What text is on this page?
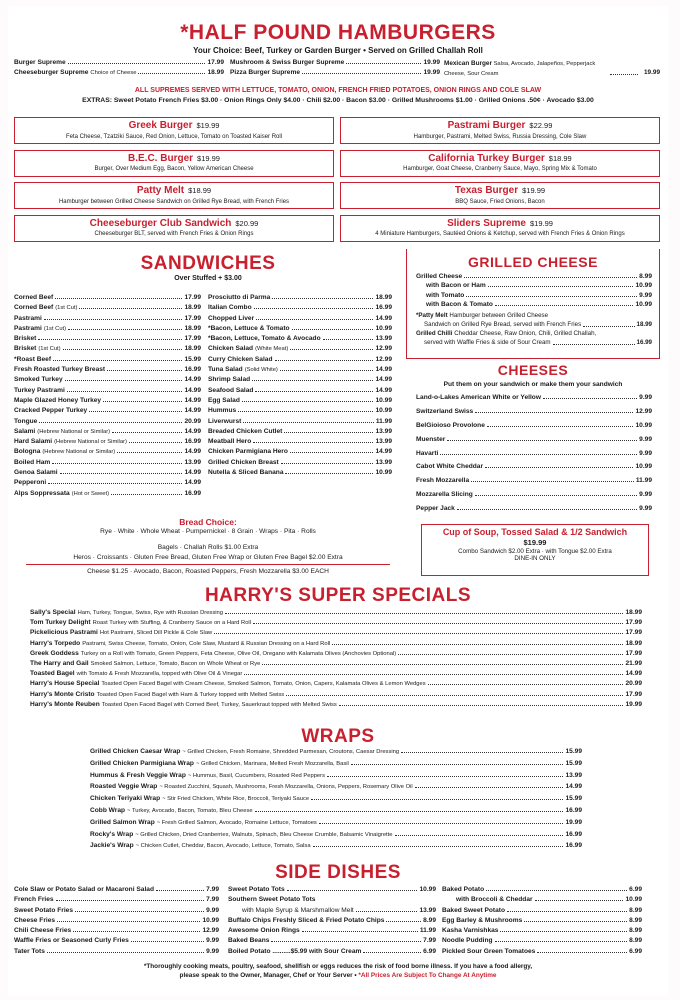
*HALF POUND HAMBURGERS
Your Choice: Beef, Turkey or Garden Burger • Served on Grilled Challah Roll
Burger Supreme	17.99
Cheeseburger Supreme Choice of Cheese	18.99
Mushroom & Swiss Burger Supreme	19.99
Pizza Burger Supreme	19.99
Mexican Burger Salsa, Avocado, Jalapeños, Pepperjack Cheese, Sour Cream	19.99
ALL SUPREMES SERVED WITH LETTUCE, TOMATO, ONION, FRENCH FRIED POTATOES, ONION RINGS AND COLE SLAW
EXTRAS: Sweet Potato French Fries $3.00 · Onion Rings Only $4.00 · Chili $2.00 · Bacon $3.00 · Grilled Mushrooms $1.00 · Grilled Onions .50¢ · Avocado $3.00
Greek Burger $19.99
Feta Cheese, Tzatziki Sauce, Red Onion, Lettuce, Tomato on Toasted Kaiser Roll
Pastrami Burger $22.99
Hamburger, Pastrami, Melted Swiss, Russia Dressing, Cole Slaw
B.E.C. Burger $19.99
Burger, Over Medium Egg, Bacon, Yellow American Cheese
California Turkey Burger $18.99
Hamburger, Goat Cheese, Cranberry Sauce, Mayo, Spring Mix & Tomato
Patty Melt $18.99
Hamburger between Grilled Cheese Sandwich on Grilled Rye Bread, with French Fries
Texas Burger $19.99
BBQ Sauce, Fried Onions, Bacon
Cheeseburger Club Sandwich $20.99
Cheeseburger BLT, served with French Fries & Onion Rings
Sliders Supreme $19.99
4 Miniature Hamburgers, Sautéed Onions & Ketchup, served with French Fries & Onion Rings
SANDWICHES
Over Stuffed + $3.00
Corned Beef	17.99
Corned Beef (1st Cut)	18.99
Pastrami	17.99
Pastrami (1st Cut)	18.99
Brisket	17.99
Brisket (1st Cut)	18.99
*Roast Beef	15.99
Fresh Roasted Turkey Breast	16.99
Smoked Turkey	14.99
Turkey Pastrami	14.99
Maple Glazed Honey Turkey	14.99
Cracked Pepper Turkey	14.99
Tongue	20.99
Salami (Hebrew National or Similar)	14.99
Hard Salami (Hebrew National or Similar)	16.99
Bologna (Hebrew National or Similar)	14.99
Boiled Ham	13.99
Genoa Salami	14.99
Pepperoni	14.99
Alps Soppressata (Hot or Sweet)	16.99
Prosciutto di Parma	18.99
Italian Combo	16.99
Chopped Liver	14.99
*Bacon, Lettuce & Tomato	10.99
*Bacon, Lettuce, Tomato & Avocado	13.99
Chicken Salad (White Meat)	12.99
Curry Chicken Salad	12.99
Tuna Salad (Solid White)	14.99
Shrimp Salad	14.99
Seafood Salad	14.99
Egg Salad	10.99
Hummus	10.99
Liverwurst	11.99
Breaded Chicken Cutlet	13.99
Meatball Hero	13.99
Chicken Parmigiana Hero	14.99
Grilled Chicken Breast	13.99
Nutella & Sliced Banana	10.99
Bread Choice:
Rye · White · Whole Wheat · Pumpernickel · 8 Grain · Wraps · Pita · Rolls
Bagels · Challah Rolls $1.00 Extra
Heros · Croissants · Gluten Free Bread, Gluten Free Wrap or Gluten Free Bagel $2.00 Extra
Cheese $1.25 · Avocado, Bacon, Roasted Peppers, Fresh Mozzarella $3.00 EACH
GRILLED CHEESE
Grilled Cheese	8.99
with Bacon or Ham	10.99
with Tomato	9.99
with Bacon & Tomato	10.99
*Patty Melt
Hamburger between Grilled Cheese
Sandwich on Grilled Rye Bread, served with French Fries	18.99
Grilled Chilli
Cheddar Cheese, Raw Onion, Chili, Grilled Challah,
served with Waffle Fries & side of Sour Cream	16.99
CHEESES
Put them on your sandwich or make them your sandwich
Land-o-Lakes American White or Yellow	9.99
Switzerland Swiss	12.99
BelGioioso Provolone	10.99
Muenster	9.99
Havarti	9.99
Cabot White Cheddar	10.99
Fresh Mozzarella	11.99
Mozzarella Slicing	9.99
Pepper Jack	9.99
Cup of Soup, Tossed Salad & 1/2 Sandwich
$19.99
Combo Sandwich $2.00 Extra · with Tongue $2.00 Extra
DINE-IN ONLY
HARRY'S SUPER SPECIALS
Sally's Special Ham, Turkey, Tongue, Swiss, Rye with Russian Dressing	18.99
Tom Turkey Delight Roast Turkey with Stuffing, & Cranberry Sauce on a Hard Roll	17.99
Pickelicious Pastrami Hot Pastrami, Sliced Dill Pickle & Cole Slaw	17.99
Harry's Torpedo Pastrami, Swiss Cheese, Tomato, Onion, Cole Slaw, Mustard & Russian Dressing on a Hard Roll	18.99
Greek Goddess Turkey on a Roll with Tomato, Green Peppers, Feta Cheese, Olive Oil, Oregano with Kalamata Olives (Anchovies Optional)	17.99
The Harry and Gail Smoked Salmon, Lettuce, Tomato, Bacon on Whole Wheat or Rye	21.99
Toasted Bagel with Tomato & Fresh Mozzarella, topped with Olive Oil & Vinegar	14.99
Harry's House Special Toasted Open Faced Bagel with Cream Cheese, Smoked Salmon, Tomato, Onion, Capers, Kalamata Olives & Lemon Wedges	20.99
Harry's Monte Cristo Toasted Open Faced Bagel with Ham & Turkey topped with Melted Swiss	17.99
Harry's Monte Reuben Toasted Open Faced Bagel with Corned Beef, Turkey, Sauerkraut topped with Melted Swiss	19.99
WRAPS
Grilled Chicken Caesar Wrap ~ Grilled Chicken, Fresh Romaine, Shredded Parmesan, Croutons, Caesar Dressing	15.99
Grilled Chicken Parmigiana Wrap ~ Grilled Chicken, Marinara, Melted Fresh Mozzarella, Basil	15.99
Hummus & Fresh Veggie Wrap ~ Hummus, Basil, Cucumbers, Roasted Red Peppers	13.99
Roasted Veggie Wrap ~ Roasted Zucchini, Squash, Mushrooms, Fresh Mozzarella, Onions, Peppers, Rosemary Olive Oil	14.99
Chicken Teriyaki Wrap ~ Stir Fried Chicken, White Rice, Broccoli, Teriyaki Sauce	15.99
Cobb Wrap ~ Turkey, Avocado, Bacon, Tomato, Bleu Cheese	16.99
Grilled Salmon Wrap ~ Fresh Grilled Salmon, Avocado, Romaine Lettuce, Tomatoes	19.99
Rocky's Wrap ~ Grilled Chicken, Dried Cranberries, Walnuts, Spinach, Bleu Cheese Crumble, Balsamic Vinaigrette	16.99
Jackie's Wrap ~ Chicken Cutlet, Cheddar, Bacon, Avocado, Lettuce, Tomato, Salsa	16.99
SIDE DISHES
Cole Slaw or Potato Salad or Macaroni Salad	7.99
French Fries	7.99
Sweet Potato Fries	9.99
Cheese Fries	10.99
Chili Cheese Fries	12.99
Waffle Fries or Seasoned Curly Fries	9.99
Tater Tots	9.99
Sweet Potato Tots	10.99
Southern Sweet Potato Tots
with Maple Syrup & Marshmallow Melt	13.99
Buffalo Chips Freshly Sliced & Fried Potato Chips	8.99
Awesome Onion Rings	11.99
Baked Beans	7.99
Boiled Potato ..........$5.99 with Sour Cream	6.99
Baked Potato	6.99
with Broccoli & Cheddar	10.99
Baked Sweet Potato	8.99
Egg Barley & Mushrooms	8.99
Kasha Varnishkas	8.99
Noodle Pudding	8.99
Pickled Sour Green Tomatoes	6.99
*Thoroughly cooking meats, poultry, seafood, shellfish or eggs reduces the risk of food borne illness. If you have a food allergy,
please speak to the Owner, Manager, Chef or Your Server • *All Prices Are Subject To Change At Anytime
